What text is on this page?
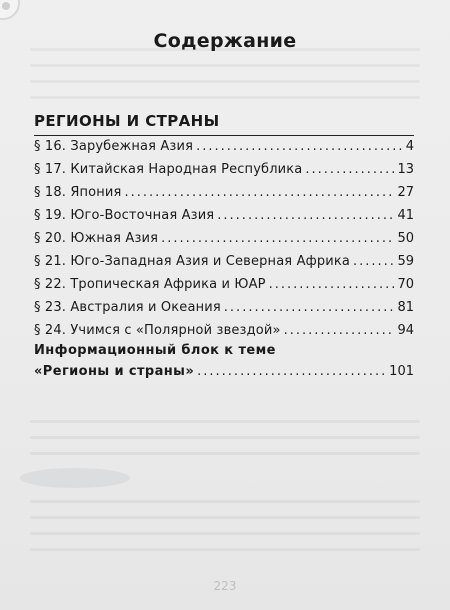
Содержание
РЕГИОНЫ И СТРАНЫ
§ 16. Зарубежная Азия .....	4
§ 17. Китайская Народная Республика .....	13
§ 18. Япония .....	27
§ 19. Юго-Восточная Азия .....	41
§ 20. Южная Азия .....	50
§ 21. Юго-Западная Азия и Северная Африка .....	59
§ 22. Тропическая Африка и ЮАР .....	70
§ 23. Австралия и Океания .....	81
§ 24. Учимся с «Полярной звездой» .....	94
Информационный блок к теме
«Регионы и страны» .....	101
223
